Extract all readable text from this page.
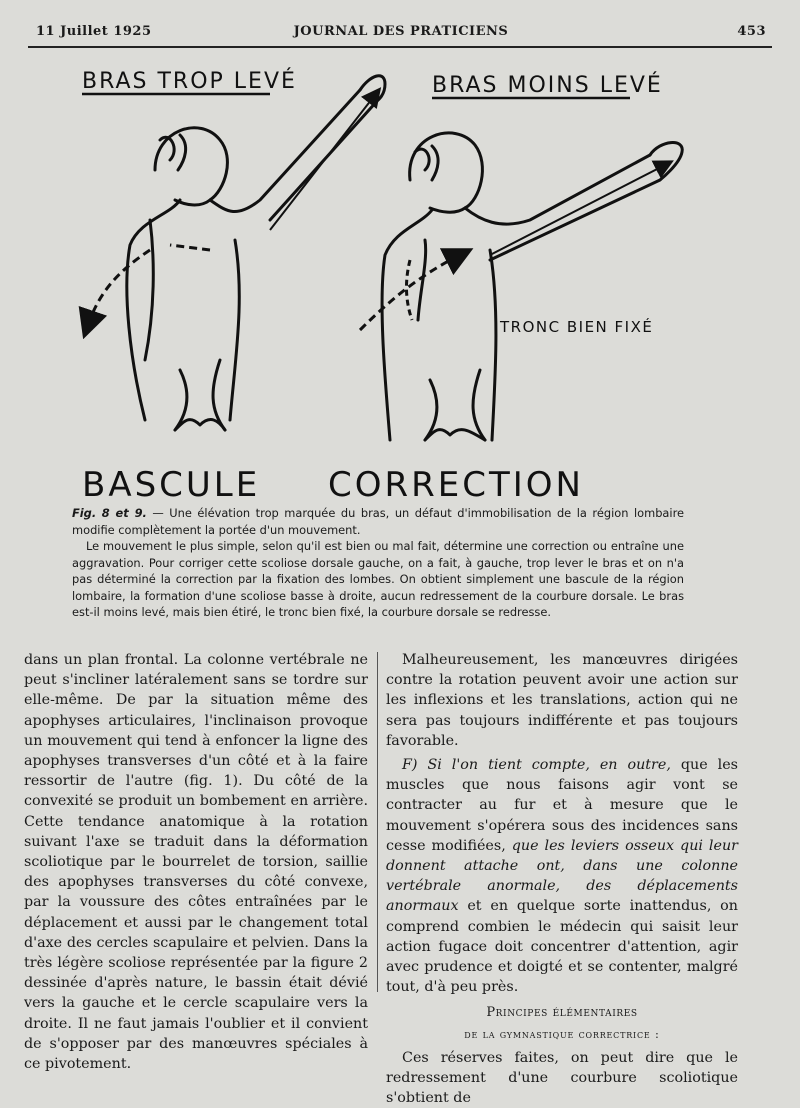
11 Juillet 1925	JOURNAL DES PRATICIENS	453
BRAS TROP LEVÉ	BRAS MOINS LEVÉ
TRONC BIEN FIXÉ
BASCULE CORRECTION
Fig. 8 et 9. — Une élévation trop marquée du bras, un défaut d'immobilisation de la région lombaire modifie complètement la portée d'un mouvement.

Le mouvement le plus simple, selon qu'il est bien ou mal fait, détermine une correction ou entraîne une aggravation. Pour corriger cette scoliose dorsale gauche, on a fait, à gauche, trop lever le bras et on n'a pas déterminé la correction par la fixation des lombes. On obtient simplement une bascule de la région lombaire, la formation d'une scoliose basse à droite, aucun redressement de la courbure dorsale. Le bras est-il moins levé, mais bien étiré, le tronc bien fixé, la courbure dorsale se redresse.

dans un plan frontal. La colonne vertébrale ne peut s'incliner latéralement sans se tordre sur elle-même. De par la situation même des apophyses articulaires, l'inclinaison provoque un mouvement qui tend à enfoncer la ligne des apophyses transverses d'un côté et à la faire ressortir de l'autre (fig. 1). Du côté de la convexité se produit un bombement en arrière. Cette tendance anatomique à la rotation suivant l'axe se traduit dans la déformation scoliotique par le bourrelet de torsion, saillie des apophyses transverses du côté convexe, par la voussure des côtes entraînées par le déplacement et aussi par le changement total d'axe des cercles scapulaire et pelvien. Dans la très légère scoliose représentée par la figure 2 dessinée d'après nature, le bassin était dévié vers la gauche et le cercle scapulaire vers la droite. Il ne faut jamais l'oublier et il convient de s'opposer par des manœuvres spéciales à ce pivotement.

Malheureusement, les manœuvres dirigées contre la rotation peuvent avoir une action sur les inflexions et les translations, action qui ne sera pas toujours indifférente et pas toujours favorable.

F) Si l'on tient compte, en outre, que les muscles que nous faisons agir vont se contracter au fur et à mesure que le mouvement s'opérera sous des incidences sans cesse modifiées, que les leviers osseux qui leur donnent attache ont, dans une colonne vertébrale anormale, des déplacements anormaux et en quelque sorte inattendus, on comprend combien le médecin qui saisit leur action fugace doit concentrer d'attention, agir avec prudence et doigté et se contenter, malgré tout, d'à peu près.

Principes élémentaires

de la gymnastique correctrice :

Ces réserves faites, on peut dire que le redressement d'une courbure scoliotique s'obtient de
